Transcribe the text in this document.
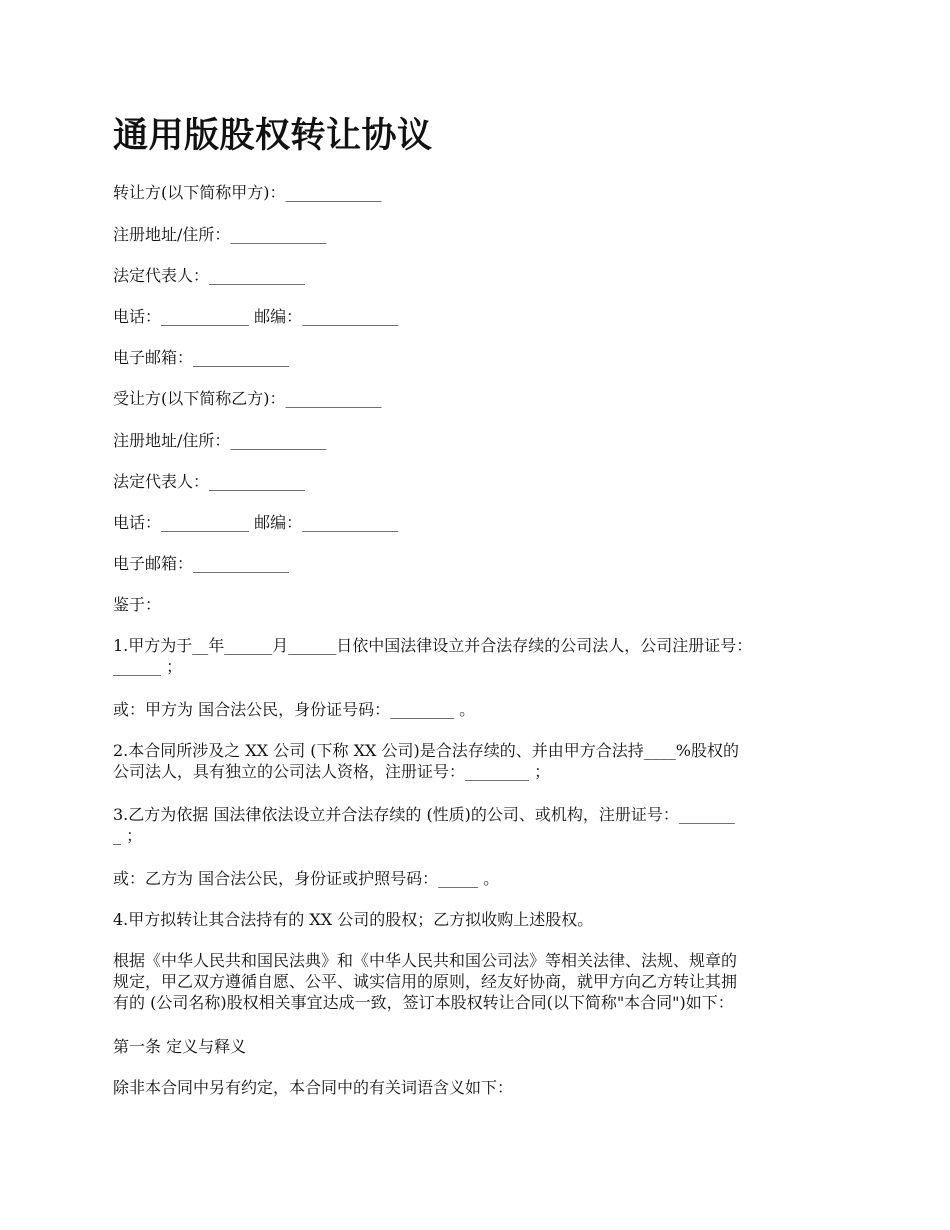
通用版股权转让协议

转让方(以下简称甲方)：____________

注册地址/住所：____________

法定代表人：____________

电话：___________ 邮编：____________

电子邮箱：____________

受让方(以下简称乙方)：____________

注册地址/住所：____________

法定代表人：____________

电话：___________ 邮编：____________

电子邮箱：____________

鉴于：

1.甲方为于__年______月______日依中国法律设立并合法存续的公司法人，公司注册证号：
______ ；

或：甲方为 国合法公民，身份证号码：________ 。

2.本合同所涉及之 XX 公司 (下称 XX 公司)是合法存续的、并由甲方合法持____%股权的
公司法人，具有独立的公司法人资格，注册证号：________ ；

3.乙方为依据 国法律依法设立并合法存续的 (性质)的公司、或机构，注册证号：_______
_ ；

或：乙方为 国合法公民，身份证或护照号码：_____ 。

4.甲方拟转让其合法持有的 XX 公司的股权；乙方拟收购上述股权。

根据《中华人民共和国民法典》和《中华人民共和国公司法》等相关法律、法规、规章的
规定，甲乙双方遵循自愿、公平、诚实信用的原则，经友好协商，就甲方向乙方转让其拥
有的 (公司名称)股权相关事宜达成一致，签订本股权转让合同(以下简称"本合同")如下：

第一条 定义与释义

除非本合同中另有约定，本合同中的有关词语含义如下：
